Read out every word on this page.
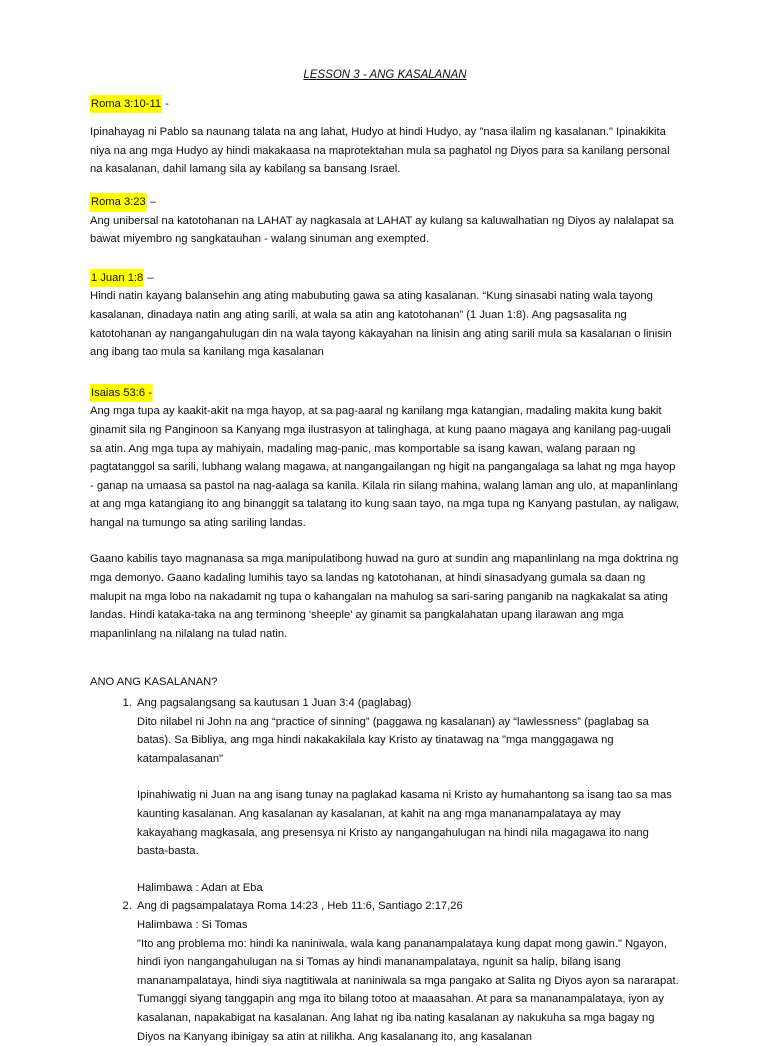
LESSON 3 - ANG KASALANAN

Roma 3:10-11 -

Ipinahayag ni Pablo sa naunang talata na ang lahat, Hudyo at hindi Hudyo, ay "nasa ilalim ng kasalanan." Ipinakikita niya na ang mga Hudyo ay hindi makakaasa na maprotektahan mula sa paghatol ng Diyos para sa kanilang personal na kasalanan, dahil lamang sila ay kabilang sa bansang Israel.

Roma 3:23 –

Ang unibersal na katotohanan na LAHAT ay nagkasala at LAHAT ay kulang sa kaluwalhatian ng Diyos ay nalalapat sa bawat miyembro ng sangkatauhan - walang sinuman ang exempted.

1 Juan 1:8 –

Hindi natin kayang balansehin ang ating mabubuting gawa sa ating kasalanan. “Kung sinasabi nating wala tayong kasalanan, dinadaya natin ang ating sarili, at wala sa atin ang katotohanan” (1 Juan 1:8). Ang pagsasalita ng katotohanan ay nangangahulugan din na wala tayong kakayahan na linisin ang ating sarili mula sa kasalanan o linisin ang ibang tao mula sa kanilang mga kasalanan

Isaias 53:6 -

Ang mga tupa ay kaakit-akit na mga hayop, at sa pag-aaral ng kanilang mga katangian, madaling makita kung bakit ginamit sila ng Panginoon sa Kanyang mga ilustrasyon at talinghaga, at kung paano magaya ang kanilang pag-uugali sa atin. Ang mga tupa ay mahiyain, madaling mag-panic, mas komportable sa isang kawan, walang paraan ng pagtatanggol sa sarili, lubhang walang magawa, at nangangailangan ng higit na pangangalaga sa lahat ng mga hayop - ganap na umaasa sa pastol na nag-aalaga sa kanila. Kilala rin silang mahina, walang laman ang ulo, at mapanlinlang at ang mga katangiang ito ang binanggit sa talatang ito kung saan tayo, na mga tupa ng Kanyang pastulan, ay naligaw, hangal na tumungo sa ating sariling landas.

Gaano kabilis tayo magnanasa sa mga manipulatibong huwad na guro at sundin ang mapanlinlang na mga doktrina ng mga demonyo. Gaano kadaling lumihis tayo sa landas ng katotohanan, at hindi sinasadyang gumala sa daan ng malupit na mga lobo na nakadamit ng tupa o kahangalan na mahulog sa sari-saring panganib na nagkakalat sa ating landas. Hindi kataka-taka na ang terminong 'sheeple' ay ginamit sa pangkalahatan upang ilarawan ang mga mapanlinlang na nilalang na tulad natin.

ANO ANG KASALANAN?

1. Ang pagsalangsang sa kautusan 1 Juan 3:4 (paglabag)

Dito nilabel ni John na ang “practice of sinning” (paggawa ng kasalanan) ay “lawlessness” (paglabag sa batas). Sa Bibliya, ang mga hindi nakakakilala kay Kristo ay tinatawag na "mga manggagawa ng katampalasanan"

Ipinahiwatig ni Juan na ang isang tunay na paglakad kasama ni Kristo ay humahantong sa isang tao sa mas kaunting kasalanan. Ang kasalanan ay kasalanan, at kahit na ang mga mananampalataya ay may kakayahang magkasala, ang presensya ni Kristo ay nangangahulugan na hindi nila magagawa ito nang basta-basta.

Halimbawa : Adan at Eba

2. Ang di pagsampalataya Roma 14:23 , Heb 11:6, Santiago 2:17,26

Halimbawa : Si Tomas

"Ito ang problema mo: hindi ka naniniwala, wala kang pananampalataya kung dapat mong gawin." Ngayon, hindi iyon nangangahulugan na si Tomas ay hindi mananampalataya, ngunit sa halip, bilang isang mananampalataya, hindi siya nagtitiwala at naniniwala sa mga pangako at Salita ng Diyos ayon sa nararapat. Tumanggi siyang tanggapin ang mga ito bilang totoo at maaasahan. At para sa mananampalataya, iyon ay kasalanan, napakabigat na kasalanan. Ang lahat ng iba nating kasalanan ay nakukuha sa mga bagay ng Diyos na Kanyang ibinigay sa atin at nilikha. Ang kasalanang ito, ang kasalanan
